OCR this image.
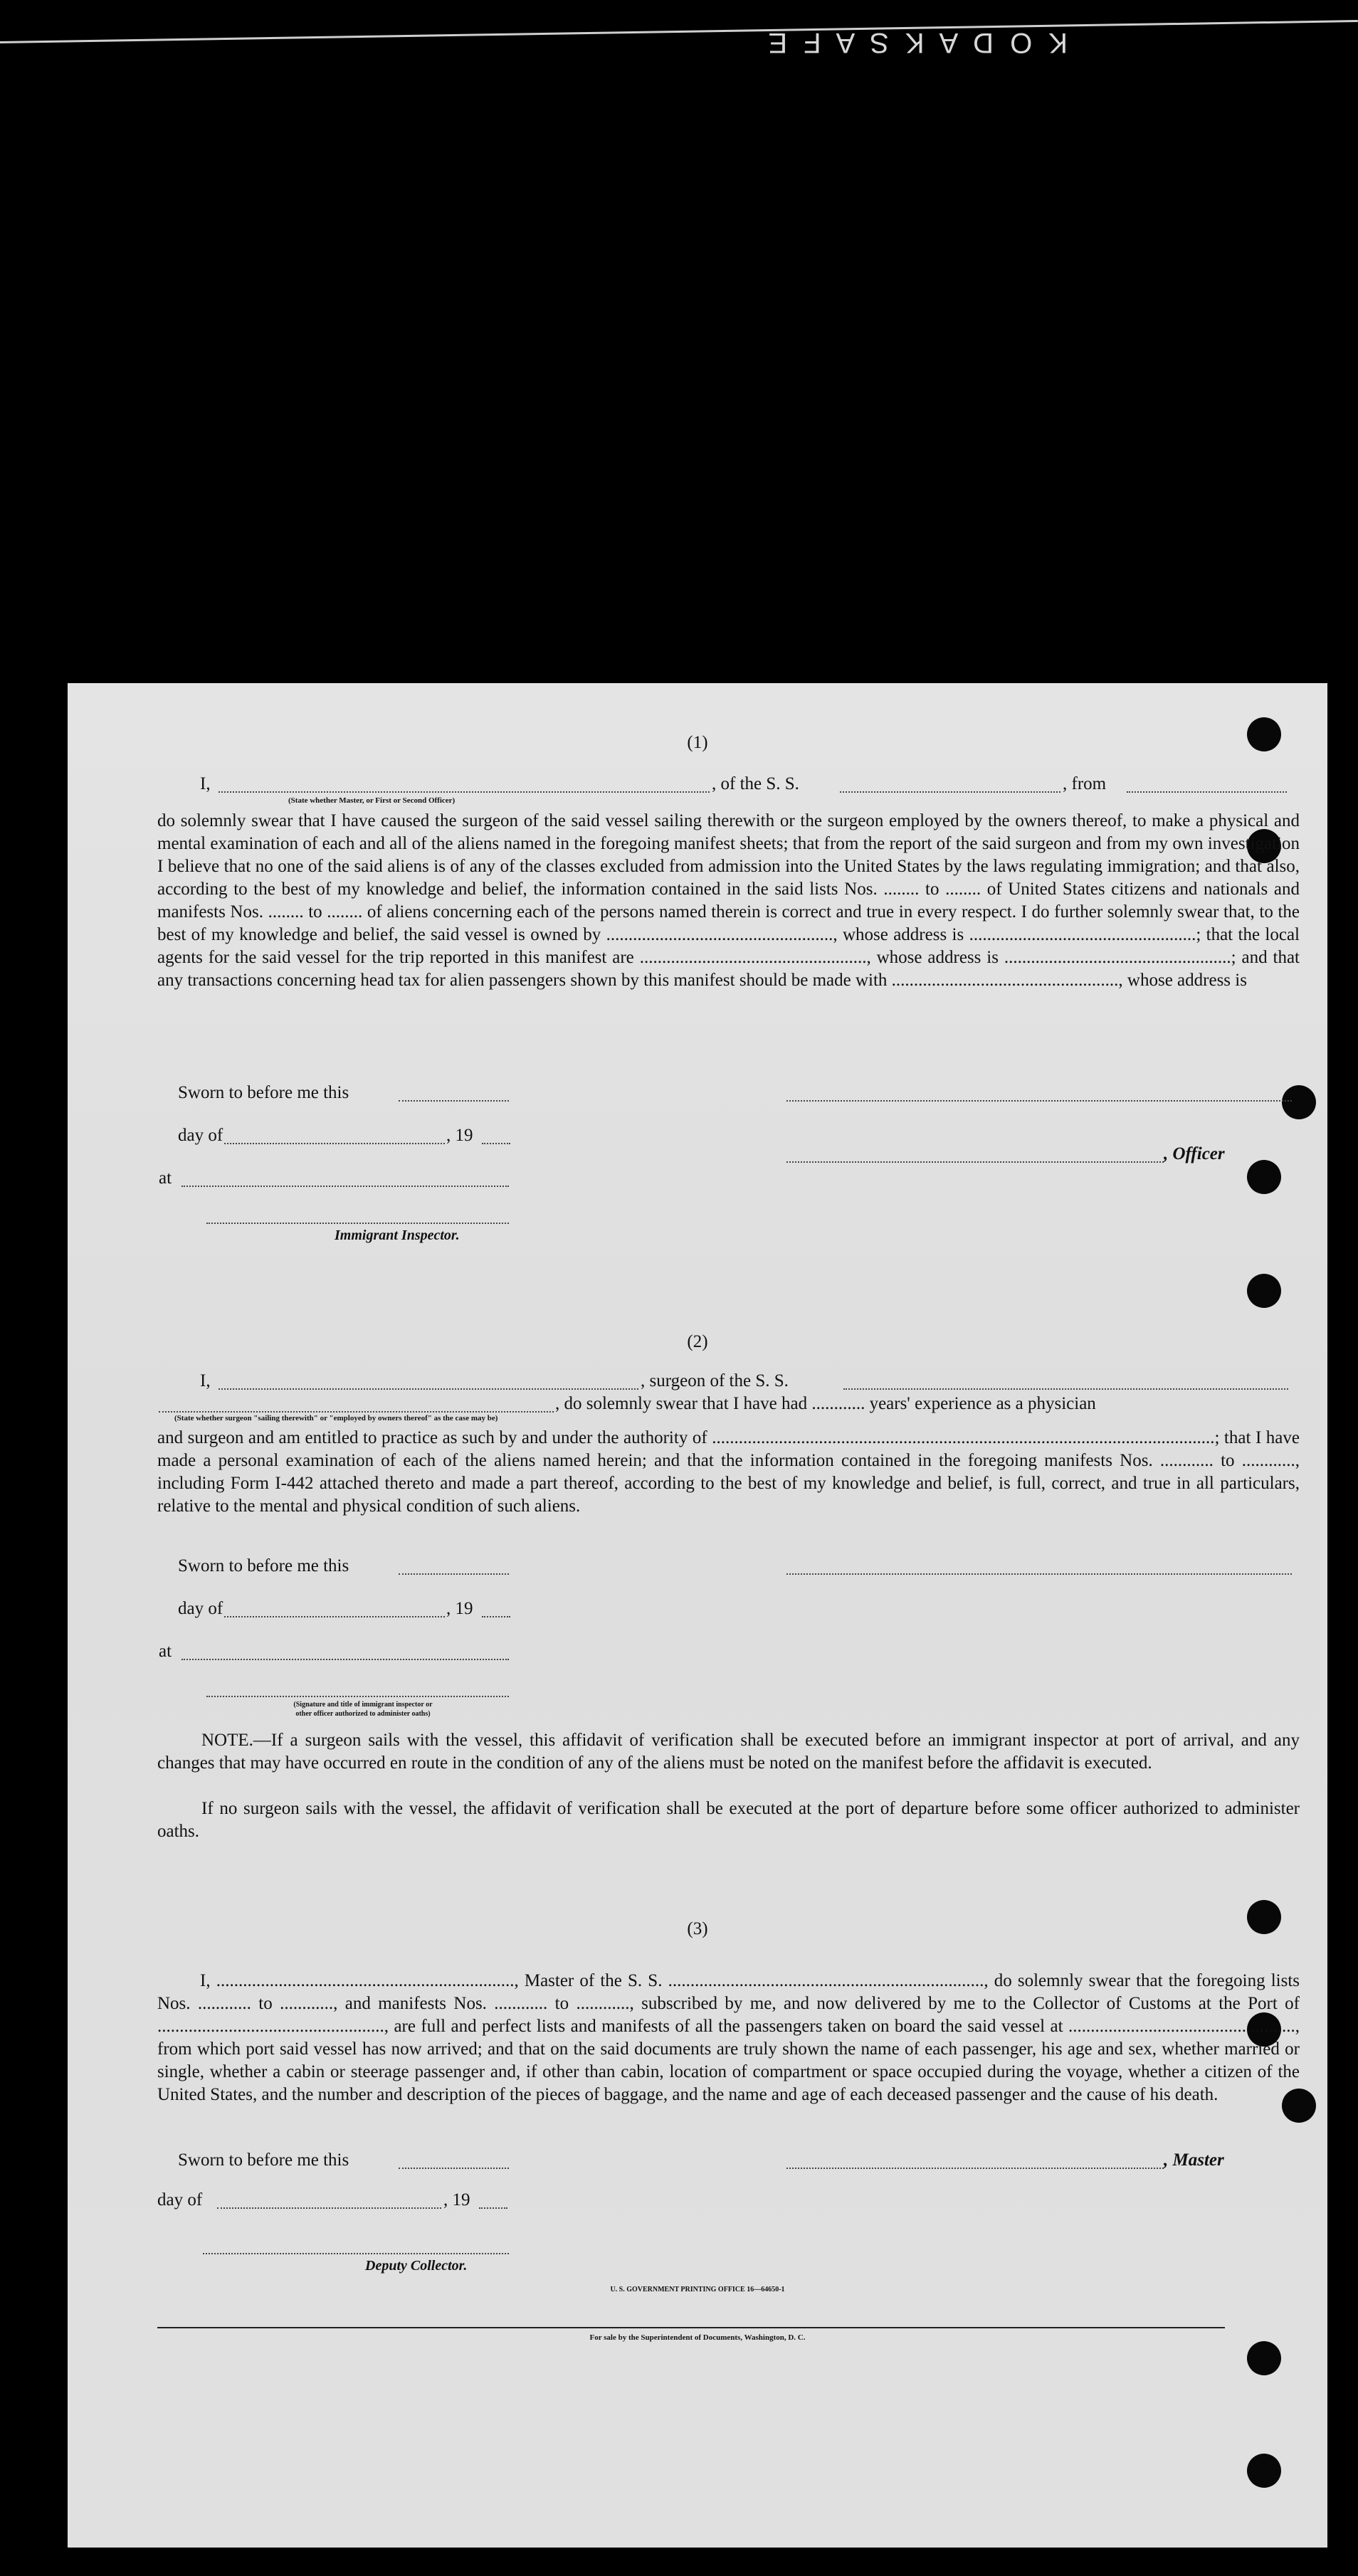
K O D A K S A F E
(1)
I,	, of the S. S.	, from
(State whether Master, or First or Second Officer)
do solemnly swear that I have caused the surgeon of the said vessel sailing therewith or the surgeon employed by the owners thereof, to make a physical and mental examination of each and all of the aliens named in the foregoing manifest sheets; that from the report of the said surgeon and from my own investigation I believe that no one of the said aliens is of any of the classes excluded from admission into the United States by the laws regulating immigration; and that also, according to the best of my knowledge and belief, the information contained in the said lists Nos. ........ to ........ of United States citizens and nationals and manifests Nos. ........ to ........ of aliens concerning each of the persons named therein is correct and true in every respect. I do further solemnly swear that, to the best of my knowledge and belief, the said vessel is owned by ..................................................., whose address is ...................................................; that the local agents for the said vessel for the trip reported in this manifest are ..................................................., whose address is ...................................................; and that any transactions concerning head tax for alien passengers shown by this manifest should be made with ..................................................., whose address is
Sworn to before me this
day of	, 19
, Officer
at
Immigrant Inspector.
(2)
I,	, surgeon of the S. S.
, do solemnly swear that I have had ............ years' experience as a physician
(State whether surgeon "sailing therewith" or "employed by owners thereof" as the case may be)
and surgeon and am entitled to practice as such by and under the authority of .................................................................................................................; that I have made a personal examination of each of the aliens named herein; and that the information contained in the foregoing manifests Nos. ............ to ............, including Form I-442 attached thereto and made a part thereof, according to the best of my knowledge and belief, is full, correct, and true in all particulars, relative to the mental and physical condition of such aliens.
Sworn to before me this
day of	, 19
at
(Signature and title of immigrant inspector or
other officer authorized to administer oaths)
NOTE.—If a surgeon sails with the vessel, this affidavit of verification shall be executed before an immigrant inspector at port of arrival, and any changes that may have occurred en route in the condition of any of the aliens must be noted on the manifest before the affidavit is executed.
If no surgeon sails with the vessel, the affidavit of verification shall be executed at the port of departure before some officer authorized to administer oaths.
(3)
I, ..................................................................., Master of the S. S. ......................................................................., do solemnly swear that the foregoing lists Nos. ............ to ............, and manifests Nos. ............ to ............, subscribed by me, and now delivered by me to the Collector of Customs at the Port of ..................................................., are full and perfect lists and manifests of all the passengers taken on board the said vessel at ..................................................., from which port said vessel has now arrived; and that on the said documents are truly shown the name of each passenger, his age and sex, whether married or single, whether a cabin or steerage passenger and, if other than cabin, location of compartment or space occupied during the voyage, whether a citizen of the United States, and the number and description of the pieces of baggage, and the name and age of each deceased passenger and the cause of his death.
Sworn to before me this	, Master
day of	, 19
Deputy Collector.
U. S. GOVERNMENT PRINTING OFFICE 16—64650-1
For sale by the Superintendent of Documents, Washington, D. C.
